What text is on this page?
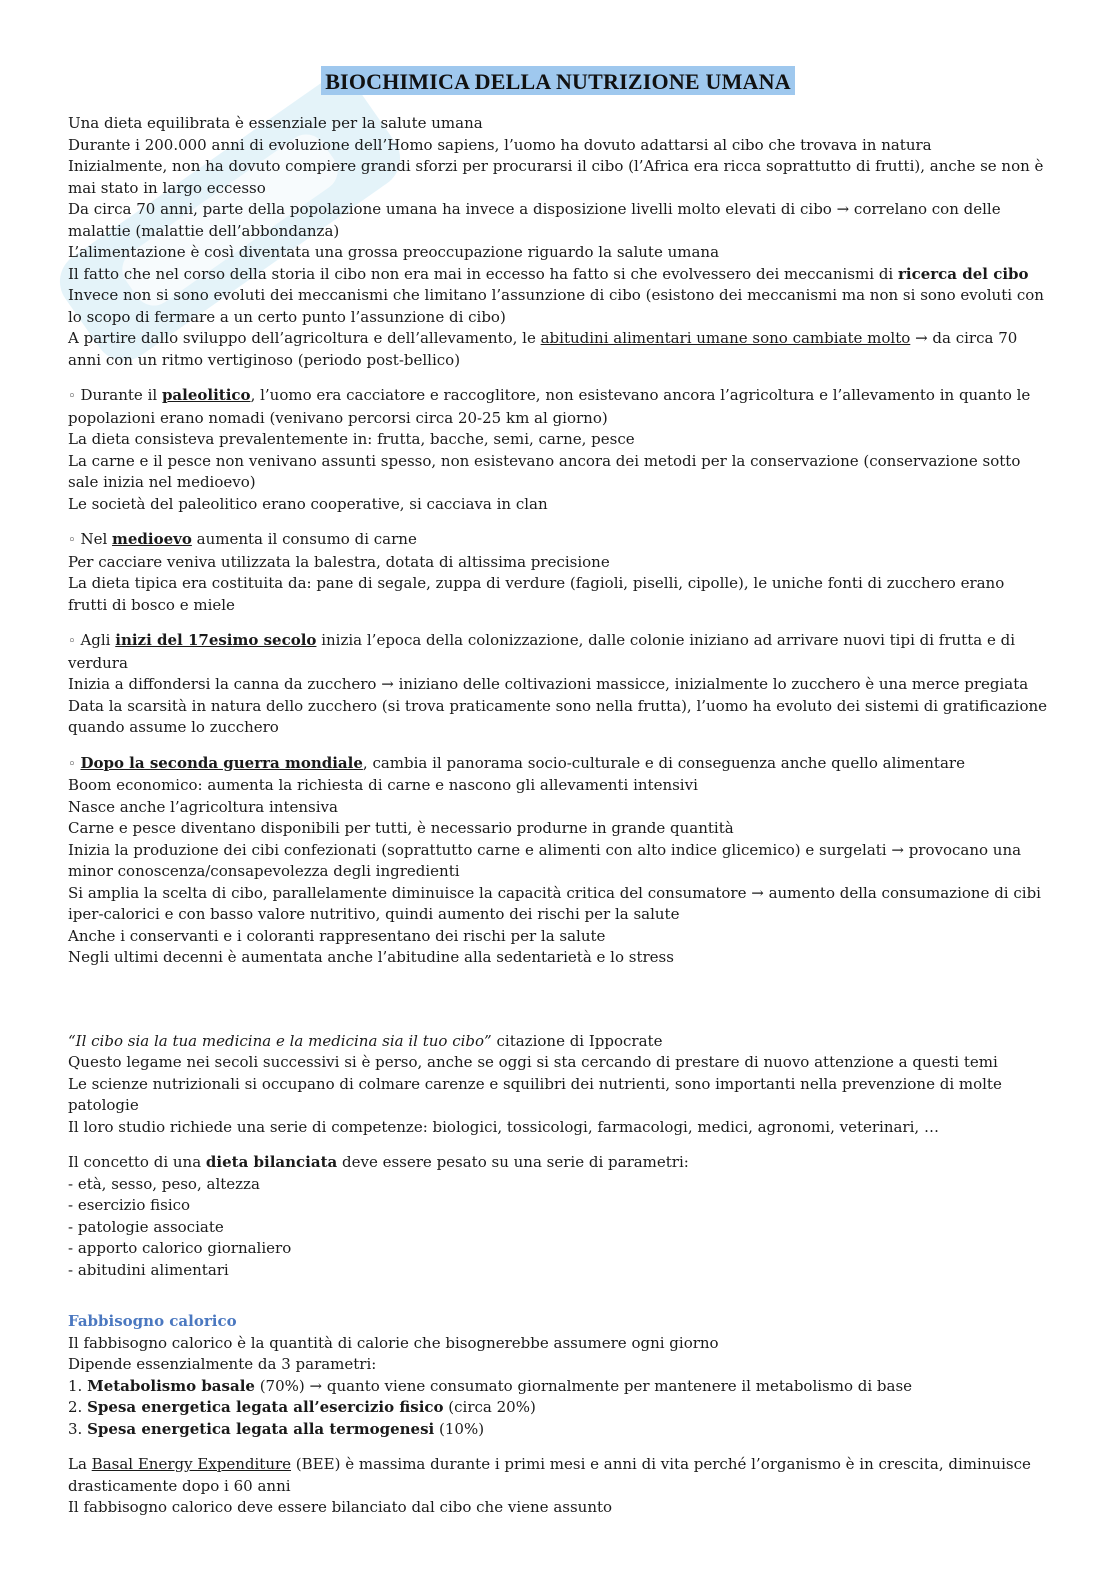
BIOCHIMICA DELLA NUTRIZIONE UMANA

Una dieta equilibrata è essenziale per la salute umana

Durante i 200.000 anni di evoluzione dell’Homo sapiens, l’uomo ha dovuto adattarsi al cibo che trovava in natura

Inizialmente, non ha dovuto compiere grandi sforzi per procurarsi il cibo (l’Africa era ricca soprattutto di frutti), anche se non è mai stato in largo eccesso

Da circa 70 anni, parte della popolazione umana ha invece a disposizione livelli molto elevati di cibo → correlano con delle malattie (malattie dell’abbondanza)

L’alimentazione è così diventata una grossa preoccupazione riguardo la salute umana

Il fatto che nel corso della storia il cibo non era mai in eccesso ha fatto si che evolvessero dei meccanismi di ricerca del cibo

Invece non si sono evoluti dei meccanismi che limitano l’assunzione di cibo (esistono dei meccanismi ma non si sono evoluti con lo scopo di fermare a un certo punto l’assunzione di cibo)

A partire dallo sviluppo dell’agricoltura e dell’allevamento, le abitudini alimentari umane sono cambiate molto → da circa 70 anni con un ritmo vertiginoso (periodo post-bellico)

◦ Durante il paleolitico, l’uomo era cacciatore e raccoglitore, non esistevano ancora l’agricoltura e l’allevamento in quanto le popolazioni erano nomadi (venivano percorsi circa 20-25 km al giorno)

La dieta consisteva prevalentemente in: frutta, bacche, semi, carne, pesce

La carne e il pesce non venivano assunti spesso, non esistevano ancora dei metodi per la conservazione (conservazione sotto sale inizia nel medioevo)

Le società del paleolitico erano cooperative, si cacciava in clan

◦ Nel medioevo aumenta il consumo di carne

Per cacciare veniva utilizzata la balestra, dotata di altissima precisione

La dieta tipica era costituita da: pane di segale, zuppa di verdure (fagioli, piselli, cipolle), le uniche fonti di zucchero erano frutti di bosco e miele

◦ Agli inizi del 17esimo secolo inizia l’epoca della colonizzazione, dalle colonie iniziano ad arrivare nuovi tipi di frutta e di verdura

Inizia a diffondersi la canna da zucchero → iniziano delle coltivazioni massicce, inizialmente lo zucchero è una merce pregiata

Data la scarsità in natura dello zucchero (si trova praticamente sono nella frutta), l’uomo ha evoluto dei sistemi di gratificazione quando assume lo zucchero

◦ Dopo la seconda guerra mondiale, cambia il panorama socio-culturale e di conseguenza anche quello alimentare

Boom economico: aumenta la richiesta di carne e nascono gli allevamenti intensivi

Nasce anche l’agricoltura intensiva

Carne e pesce diventano disponibili per tutti, è necessario produrne in grande quantità

Inizia la produzione dei cibi confezionati (soprattutto carne e alimenti con alto indice glicemico) e surgelati → provocano una minor conoscenza/consapevolezza degli ingredienti

Si amplia la scelta di cibo, parallelamente diminuisce la capacità critica del consumatore → aumento della consumazione di cibi iper-calorici e con basso valore nutritivo, quindi aumento dei rischi per la salute

Anche i conservanti e i coloranti rappresentano dei rischi per la salute

Negli ultimi decenni è aumentata anche l’abitudine alla sedentarietà e lo stress

“Il cibo sia la tua medicina e la medicina sia il tuo cibo” citazione di Ippocrate

Questo legame nei secoli successivi si è perso, anche se oggi si sta cercando di prestare di nuovo attenzione a questi temi

Le scienze nutrizionali si occupano di colmare carenze e squilibri dei nutrienti, sono importanti nella prevenzione di molte patologie

Il loro studio richiede una serie di competenze: biologici, tossicologi, farmacologi, medici, agronomi, veterinari, …

Il concetto di una dieta bilanciata deve essere pesato su una serie di parametri:

- età, sesso, peso, altezza

- esercizio fisico

- patologie associate

- apporto calorico giornaliero

- abitudini alimentari

Fabbisogno calorico

Il fabbisogno calorico è la quantità di calorie che bisognerebbe assumere ogni giorno

Dipende essenzialmente da 3 parametri:

1. Metabolismo basale (70%) → quanto viene consumato giornalmente per mantenere il metabolismo di base

2. Spesa energetica legata all’esercizio fisico (circa 20%)

3. Spesa energetica legata alla termogenesi (10%)

La Basal Energy Expenditure (BEE) è massima durante i primi mesi e anni di vita perché l’organismo è in crescita, diminuisce drasticamente dopo i 60 anni

Il fabbisogno calorico deve essere bilanciato dal cibo che viene assunto
